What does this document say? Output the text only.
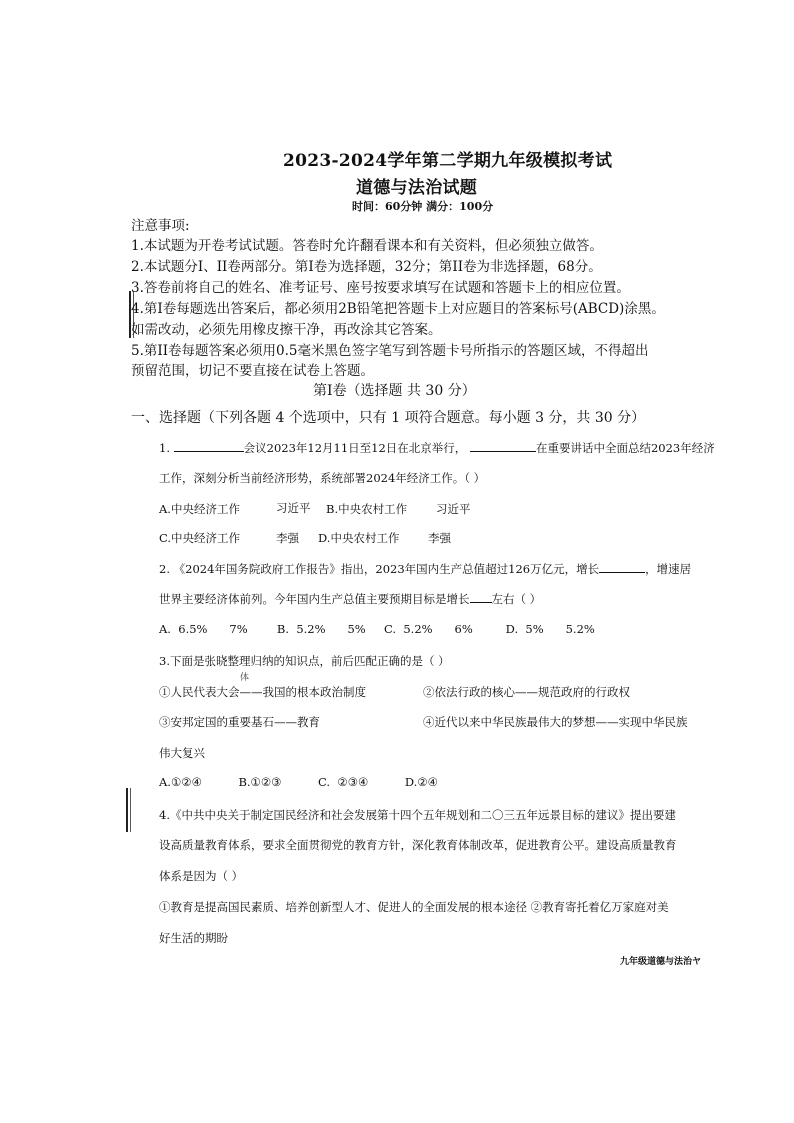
2023-2024学年第二学期九年级模拟考试
道德与法治试题
时间：60分钟 满分：100分
注意事项:
1.本试题为开卷考试试题。答卷时允许翻看课本和有关资料，但必须独立做答。
2.本试题分Ⅰ、II卷两部分。第Ⅰ卷为选择题，32分；第II卷为非选择题，68分。
3.答卷前将自己的姓名、准考证号、座号按要求填写在试题和答题卡上的相应位置。
4.第Ⅰ卷每题选出答案后，都必须用2B铅笔把答题卡上对应题目的答案标号(ABCD)涂黑。
如需改动，必须先用橡皮擦干净，再改涂其它答案。
5.第II卷每题答案必须用0.5毫米黑色签字笔写到答题卡号所指示的答题区域，不得超出
预留范围，切记不要直接在试卷上答题。
第Ⅰ卷（选择题 共 30 分）
一、选择题（下列各题 4 个选项中，只有 1 项符合题意。每小题 3 分，共 30 分）
1.	会议2023年12月11日至12日在北京举行，	在重要讲话中全面总结2023年经济
工作，深刻分析当前经济形势，系统部署2024年经济工作。（ ）
A.中央经济工作	习近平 B.中央农村工作	习近平
C.中央经济工作	李强 D.中央农村工作 李强
2. 《2024年国务院政府工作报告》指出，2023年国内生产总值超过126万亿元，增长	，增速居
世界主要经济体前列。今年国内生产总值主要预期目标是增长 左右（ ）
A.  6.5%      7%        B.  5.2%      5%     C.  5.2%      6%         D.  5%      5.2%
3.下面是张晓整理归纳的知识点，前后匹配正确的是（ ）
体
①人民代表大会——我国的根本政治制度	②依法行政的核心——规范政府的行政权
③安邦定国的重要基石——教育	④近代以来中华民族最伟大的梦想——实现中华民族
伟大复兴
A.①②④          B.①②③          C.  ②③④          D.②④
4.《中共中央关于制定国民经济和社会发展第十四个五年规划和二〇三五年远景目标的建议》提出要建
设高质量教育体系，要求全面贯彻党的教育方针，深化教育体制改革，促进教育公平。建设高质量教育
体系是因为（ ）
①教育是提高国民素质、培养创新型人才、促进人的全面发展的根本途径 ②教育寄托着亿万家庭对美
好生活的期盼
九年级道德与法治ヤ
